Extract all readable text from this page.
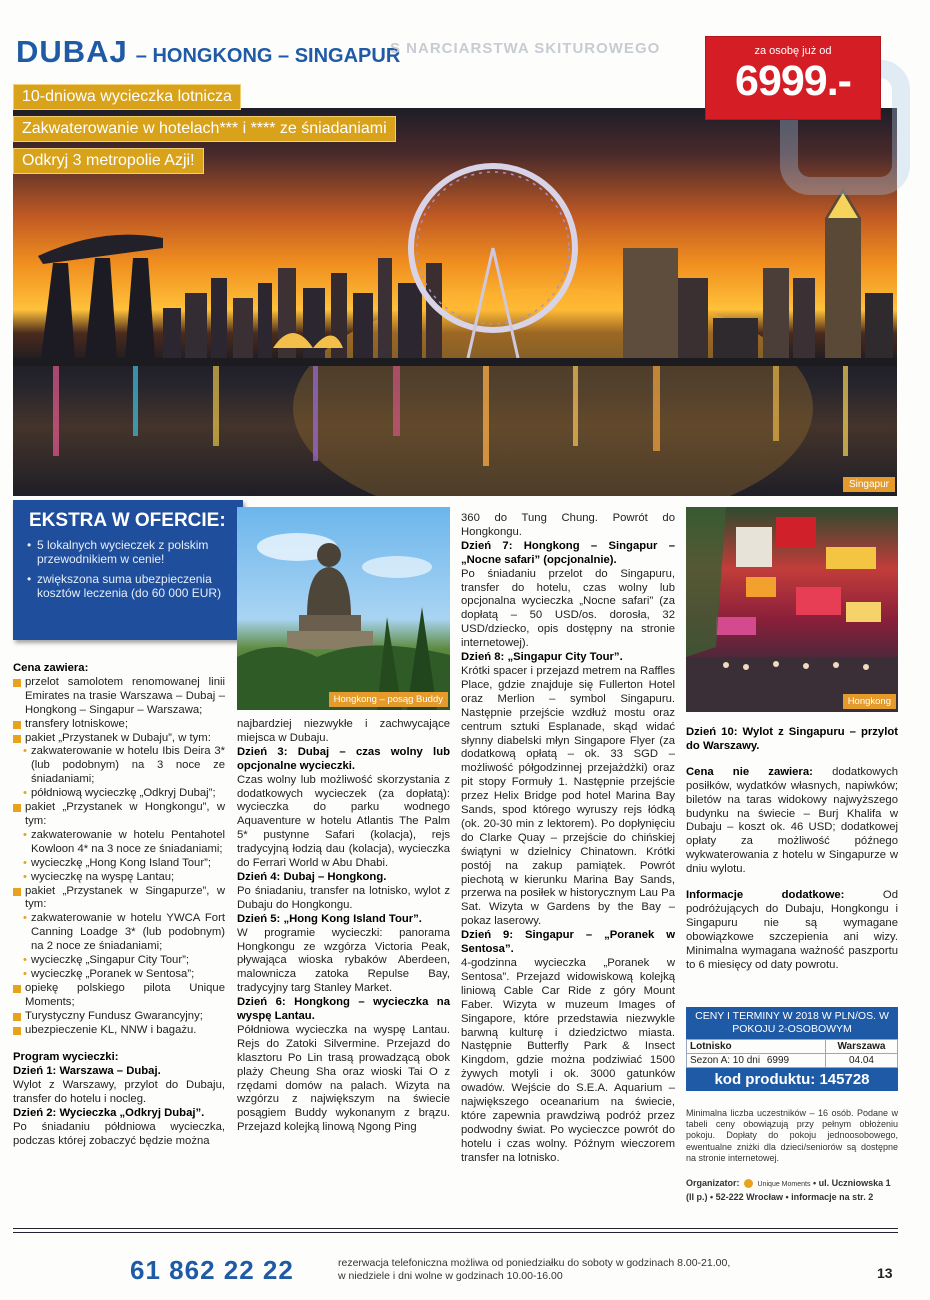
DUBAJ – HONGKONG – SINGAPUR
S NARCIARSTWA SKITUROWEGO	za osobę już od
6999.-
Singapur
10-dniowa wycieczka lotnicza
Zakwaterowanie w hotelach*** i **** ze śniadaniami
Odkryj 3 metropolie Azji!
EKSTRA W OFERCIE:
• 5 lokalnych wycieczek z polskim przewodnikiem w cenie!
• zwiększona suma ubezpieczenia kosztów leczenia (do 60 000 EUR)
Hongkong – posąg Buddy	Hongkong

Cena zawiera:

przelot samolotem renomowanej linii Emirates na trasie Warszawa – Dubaj – Hongkong – Singapur – Warszawa;

transfery lotniskowe;

pakiet „Przystanek w Dubaju”, w tym:

• zakwaterowanie w hotelu Ibis Deira 3* (lub podobnym) na 3 noce ze śniadaniami;

• półdniową wycieczkę „Odkryj Dubaj”;

pakiet „Przystanek w Hongkongu”, w tym:

• zakwaterowanie w hotelu Pentahotel Kowloon 4* na 3 noce ze śniadaniami;

• wycieczkę „Hong Kong Island Tour”;

• wycieczkę na wyspę Lantau;

pakiet „Przystanek w Singapurze”, w tym:

• zakwaterowanie w hotelu YWCA Fort Canning Loadge 3* (lub podobnym) na 2 noce ze śniadaniami;

• wycieczkę „Singapur City Tour”;

• wycieczkę „Poranek w Sentosa”;

opiekę polskiego pilota Unique Moments;

Turystyczny Fundusz Gwarancyjny;

ubezpieczenie KL, NNW i bagażu.

Program wycieczki:

Dzień 1: Warszawa – Dubaj.

Wylot z Warszawy, przylot do Dubaju, transfer do hotelu i nocleg.

Dzień 2: Wycieczka „Odkryj Dubaj”.

Po śniadaniu półdniowa wycieczka, podczas której zobaczyć będzie można

najbardziej niezwykłe i zachwycające miejsca w Dubaju.

Dzień 3: Dubaj – czas wolny lub opcjonalne wycieczki.

Czas wolny lub możliwość skorzystania z dodatkowych wycieczek (za dopłatą): wycieczka do parku wodnego Aquaventure w hotelu Atlantis The Palm 5* pustynne Safari (kolacja), rejs tradycyjną łodzią dau (kolacja), wycieczka do Ferrari World w Abu Dhabi.

Dzień 4: Dubaj – Hongkong.

Po śniadaniu, transfer na lotnisko, wylot z Dubaju do Hongkongu.

Dzień 5: „Hong Kong Island Tour”.

W programie wycieczki: panorama Hongkongu ze wzgórza Victoria Peak, pływająca wioska rybaków Aberdeen, malownicza zatoka Repulse Bay, tradycyjny targ Stanley Market.

Dzień 6: Hongkong – wycieczka na wyspę Lantau.

Półdniowa wycieczka na wyspę Lantau. Rejs do Zatoki Silvermine. Przejazd do klasztoru Po Lin trasą prowadzącą obok plaży Cheung Sha oraz wioski Tai O z rzędami domów na palach. Wizyta na wzgórzu z największym na świecie posągiem Buddy wykonanym z brązu. Przejazd kolejką linową Ngong Ping

360 do Tung Chung. Powrót do Hongkongu.

Dzień 7: Hongkong – Singapur – „Nocne safari” (opcjonalnie).

Po śniadaniu przelot do Singapuru, transfer do hotelu, czas wolny lub opcjonalna wycieczka „Nocne safari” (za dopłatą – 50 USD/os. dorosła, 32 USD/dziecko, opis dostępny na stronie internetowej).

Dzień 8: „Singapur City Tour”.

Krótki spacer i przejazd metrem na Raffles Place, gdzie znajduje się Fullerton Hotel oraz Merlion – symbol Singapuru. Następnie przejście wzdłuż mostu oraz centrum sztuki Esplanade, skąd widać słynny diabelski młyn Singapore Flyer (za dodatkową opłatą – ok. 33 SGD – możliwość półgodzinnej przejażdżki) oraz pit stopy Formuły 1. Następnie przejście przez Helix Bridge pod hotel Marina Bay Sands, spod którego wyruszy rejs łódką (ok. 20-30 min z lektorem). Po dopłynięciu do Clarke Quay – przejście do chińskiej świątyni w dzielnicy Chinatown. Krótki postój na zakup pamiątek. Powrót piechotą w kierunku Marina Bay Sands, przerwa na posiłek w historycznym Lau Pa Sat. Wizyta w Gardens by the Bay – pokaz laserowy.

Dzień 9: Singapur – „Poranek w Sentosa”.

4-godzinna wycieczka „Poranek w Sentosa”. Przejazd widowiskową kolejką liniową Cable Car Ride z góry Mount Faber. Wizyta w muzeum Images of Singapore, które przedstawia niezwykle barwną kulturę i dziedzictwo miasta. Następnie Butterfly Park & Insect Kingdom, gdzie można podziwiać 1500 żywych motyli i ok. 3000 gatunków owadów. Wejście do S.E.A. Aquarium – największego oceanarium na świecie, które zapewnia prawdziwą podróż przez podwodny świat. Po wycieczce powrót do hotelu i czas wolny. Późnym wieczorem transfer na lotnisko.

Dzień 10: Wylot z Singapuru – przylot do Warszawy.

Cena nie zawiera: dodatkowych posiłków, wydatków własnych, napiwków; biletów na taras widokowy najwyższego budynku na świecie – Burj Khalifa w Dubaju – koszt ok. 46 USD; dodatkowej opłaty za możliwość późnego wykwaterowania z hotelu w Singapurze w dniu wylotu.

Informacje dodatkowe: Od podróżujących do Dubaju, Hongkongu i Singapuru nie są wymagane obowiązkowe szczepienia ani wizy. Minimalna wymagana ważność paszportu to 6 miesięcy od daty powrotu.

CENY I TERMINY W 2018 W PLN/OS. W POKOJU 2-OSOBOWYM
Lotnisko	Warszawa
Sezon A: 10 dni 6999	04.04
kod produktu: 145728
Minimalna liczba uczestników – 16 osób. Podane w tabeli ceny obowiązują przy pełnym obłożeniu pokoju. Dopłaty do pokoju jednoosobowego, ewentualne zniżki dla dzieci/seniorów są dostępne na stronie internetowej.
Organizator:	Unique Moments • ul. Uczniowska 1
(II p.) • 52-222 Wrocław • informacje na str. 2
61 862 22 22	rezerwacja telefoniczna możliwa od poniedziałku do soboty w godzinach 8.00-21.00,
w niedziele i dni wolne w godzinach 10.00-16.00	13
